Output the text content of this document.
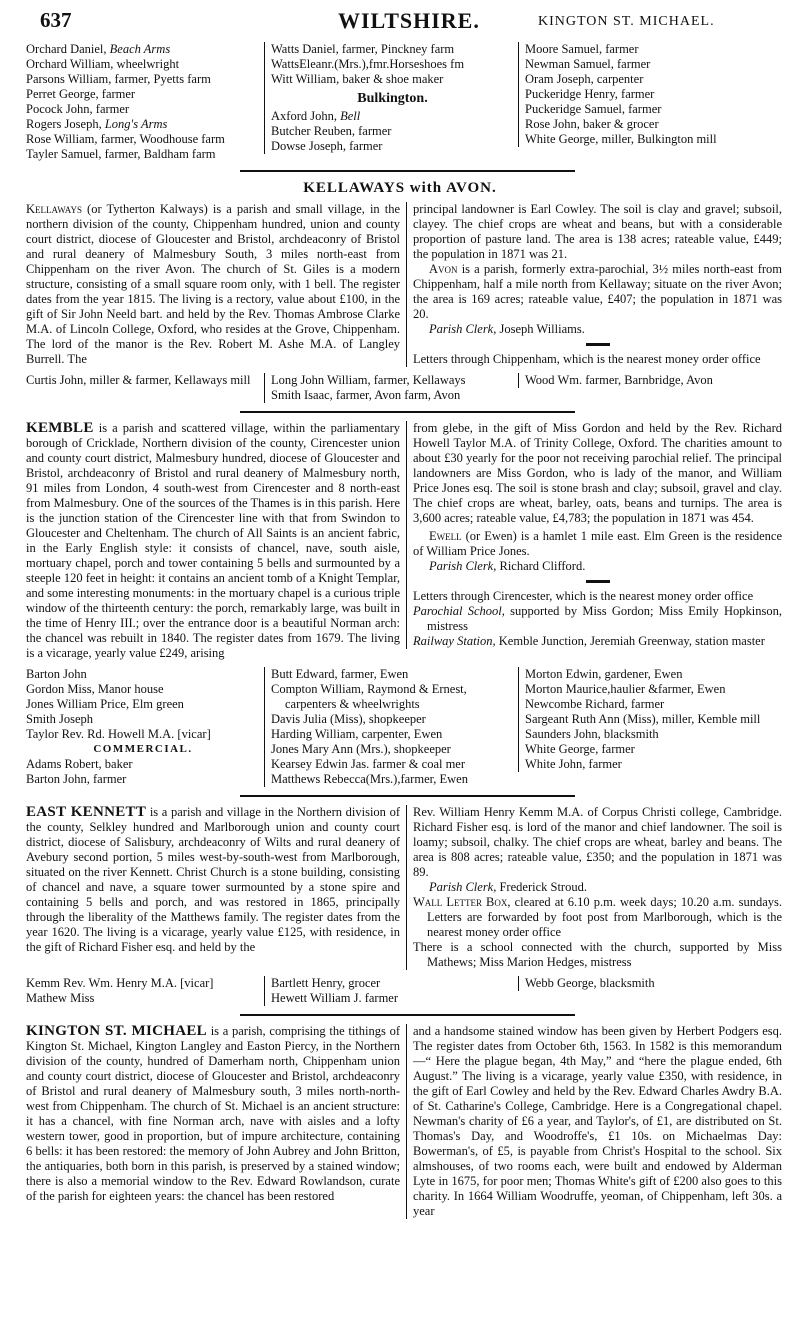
637	WILTSHIRE.	KINGTON ST. MICHAEL.
Orchard Daniel, Beach Arms
Orchard William, wheelwright
Parsons William, farmer, Pyetts farm
Perret George, farmer
Pocock John, farmer
Rogers Joseph, Long's Arms
Rose William, farmer, Woodhouse farm
Tayler Samuel, farmer, Baldham farm
Watts Daniel, farmer, Pinckney farm
WattsEleanr.(Mrs.),fmr.Horseshoes fm
Witt William, baker & shoe maker
Bulkington.
Axford John, Bell
Butcher Reuben, farmer
Dowse Joseph, farmer
Moore Samuel, farmer
Newman Samuel, farmer
Oram Joseph, carpenter
Puckeridge Henry, farmer
Puckeridge Samuel, farmer
Rose John, baker & grocer
White George, miller, Bulkington mill
KELLAWAYS with AVON.
Kellaways (or Tytherton Kalways) is a parish and small village, in the northern division of the county, Chippenham hundred, union and county court district, diocese of Gloucester and Bristol, archdeaconry of Bristol and rural deanery of Malmesbury South, 3 miles north-east from Chippenham on the river Avon. The church of St. Giles is a modern structure, consisting of a small square room only, with 1 bell. The register dates from the year 1815. The living is a rectory, value about £100, in the gift of Sir John Neeld bart. and held by the Rev. Thomas Ambrose Clarke M.A. of Lincoln College, Oxford, who resides at the Grove, Chippenham. The lord of the manor is the Rev. Robert M. Ashe M.A. of Langley Burrell. The
principal landowner is Earl Cowley. The soil is clay and gravel; subsoil, clayey. The chief crops are wheat and beans, but with a considerable proportion of pasture land. The area is 138 acres; rateable value, £449; the population in 1871 was 21.
Avon is a parish, formerly extra-parochial, 3½ miles north-east from Chippenham, half a mile north from Kellaway; situate on the river Avon; the area is 169 acres; rateable value, £407; the population in 1871 was 20.
Parish Clerk, Joseph Williams.
Letters through Chippenham, which is the nearest money order office
Curtis John, miller & farmer, Kellaways mill	Long John William, farmer, Kellaways
Smith Isaac, farmer, Avon farm, Avon
Wood Wm. farmer, Barnbridge, Avon
KEMBLE is a parish and scattered village, within the parliamentary borough of Cricklade, Northern division of the county, Cirencester union and county court district, Malmesbury hundred, diocese of Gloucester and Bristol, archdeaconry of Bristol and rural deanery of Malmesbury north, 91 miles from London, 4 south-west from Cirencester and 8 north-east from Malmesbury. One of the sources of the Thames is in this parish. Here is the junction station of the Cirencester line with that from Swindon to Gloucester and Cheltenham. The church of All Saints is an ancient fabric, in the Early English style: it consists of chancel, nave, south aisle, mortuary chapel, porch and tower containing 5 bells and surmounted by a steeple 120 feet in height: it contains an ancient tomb of a Knight Templar, and some interesting monuments: in the mortuary chapel is a curious triple window of the thirteenth century: the porch, remarkably large, was built in the time of Henry III.; over the entrance door is a beautiful Norman arch: the chancel was rebuilt in 1840. The register dates from 1679. The living is a vicarage, yearly value £249, arising
from glebe, in the gift of Miss Gordon and held by the Rev. Richard Howell Taylor M.A. of Trinity College, Oxford. The charities amount to about £30 yearly for the poor not receiving parochial relief. The principal landowners are Miss Gordon, who is lady of the manor, and William Price Jones esq. The soil is stone brash and clay; subsoil, gravel and clay. The chief crops are wheat, barley, oats, beans and turnips. The area is 3,600 acres; rateable value, £4,783; the population in 1871 was 454.
Ewell (or Ewen) is a hamlet 1 mile east. Elm Green is the residence of William Price Jones.
Parish Clerk, Richard Clifford.
Letters through Cirencester, which is the nearest money order office
Parochial School, supported by Miss Gordon; Miss Emily Hopkinson, mistress
Railway Station, Kemble Junction, Jeremiah Greenway, station master
Barton John
Gordon Miss, Manor house
Jones William Price, Elm green
Smith Joseph
Taylor Rev. Rd. Howell M.A. [vicar]
COMMERCIAL.
Adams Robert, baker
Barton John, farmer
Butt Edward, farmer, Ewen
Compton William, Raymond & Ernest, carpenters & wheelwrights
Davis Julia (Miss), shopkeeper
Harding William, carpenter, Ewen
Jones Mary Ann (Mrs.), shopkeeper
Kearsey Edwin Jas. farmer & coal mer
Matthews Rebecca(Mrs.),farmer, Ewen
Morton Edwin, gardener, Ewen
Morton Maurice,haulier &farmer, Ewen
Newcombe Richard, farmer
Sargeant Ruth Ann (Miss), miller, Kemble mill
Saunders John, blacksmith
White George, farmer
White John, farmer
EAST KENNETT is a parish and village in the Northern division of the county, Selkley hundred and Marlborough union and county court district, diocese of Salisbury, archdeaconry of Wilts and rural deanery of Avebury second portion, 5 miles west-by-south-west from Marlborough, situated on the river Kennett. Christ Church is a stone building, consisting of chancel and nave, a square tower surmounted by a stone spire and containing 5 bells and porch, and was restored in 1865, principally through the liberality of the Matthews family. The register dates from the year 1620. The living is a vicarage, yearly value £125, with residence, in the gift of Richard Fisher esq. and held by the
Rev. William Henry Kemm M.A. of Corpus Christi college, Cambridge. Richard Fisher esq. is lord of the manor and chief landowner. The soil is loamy; subsoil, chalky. The chief crops are wheat, barley and beans. The area is 808 acres; rateable value, £350; and the population in 1871 was 89.
Parish Clerk, Frederick Stroud.
Wall Letter Box, cleared at 6.10 p.m. week days; 10.20 a.m. sundays. Letters are forwarded by foot post from Marlborough, which is the nearest money order office
There is a school connected with the church, supported by Miss Mathews; Miss Marion Hedges, mistress
Kemm Rev. Wm. Henry M.A. [vicar]
Mathew Miss
Bartlett Henry, grocer
Hewett William J. farmer
Webb George, blacksmith
KINGTON ST. MICHAEL is a parish, comprising the tithings of Kington St. Michael, Kington Langley and Easton Piercy, in the Northern division of the county, hundred of Damerham north, Chippenham union and county court district, diocese of Gloucester and Bristol, archdeaconry of Bristol and rural deanery of Malmesbury south, 3 miles north-north-west from Chippenham. The church of St. Michael is an ancient structure: it has a chancel, with fine Norman arch, nave with aisles and a lofty western tower, good in proportion, but of impure architecture, containing 6 bells: it has been restored: the memory of John Aubrey and John Britton, the antiquaries, both born in this parish, is preserved by a stained window; there is also a memorial window to the Rev. Edward Rowlandson, curate of the parish for eighteen years: the chancel has been restored
and a handsome stained window has been given by Herbert Podgers esq. The register dates from October 6th, 1563. In 1582 is this memorandum—“ Here the plague began, 4th May,” and “here the plague ended, 6th August.” The living is a vicarage, yearly value £350, with residence, in the gift of Earl Cowley and held by the Rev. Edward Charles Awdry B.A. of St. Catharine's College, Cambridge. Here is a Congregational chapel. Newman's charity of £6 a year, and Taylor's, of £1, are distributed on St. Thomas's Day, and Woodroffe's, £1 10s. on Michaelmas Day: Bowerman's, of £5, is payable from Christ's Hospital to the school. Six almshouses, of two rooms each, were built and endowed by Alderman Lyte in 1675, for poor men; Thomas White's gift of £200 also goes to this charity. In 1664 William Woodruffe, yeoman, of Chippenham, left 30s. a year
